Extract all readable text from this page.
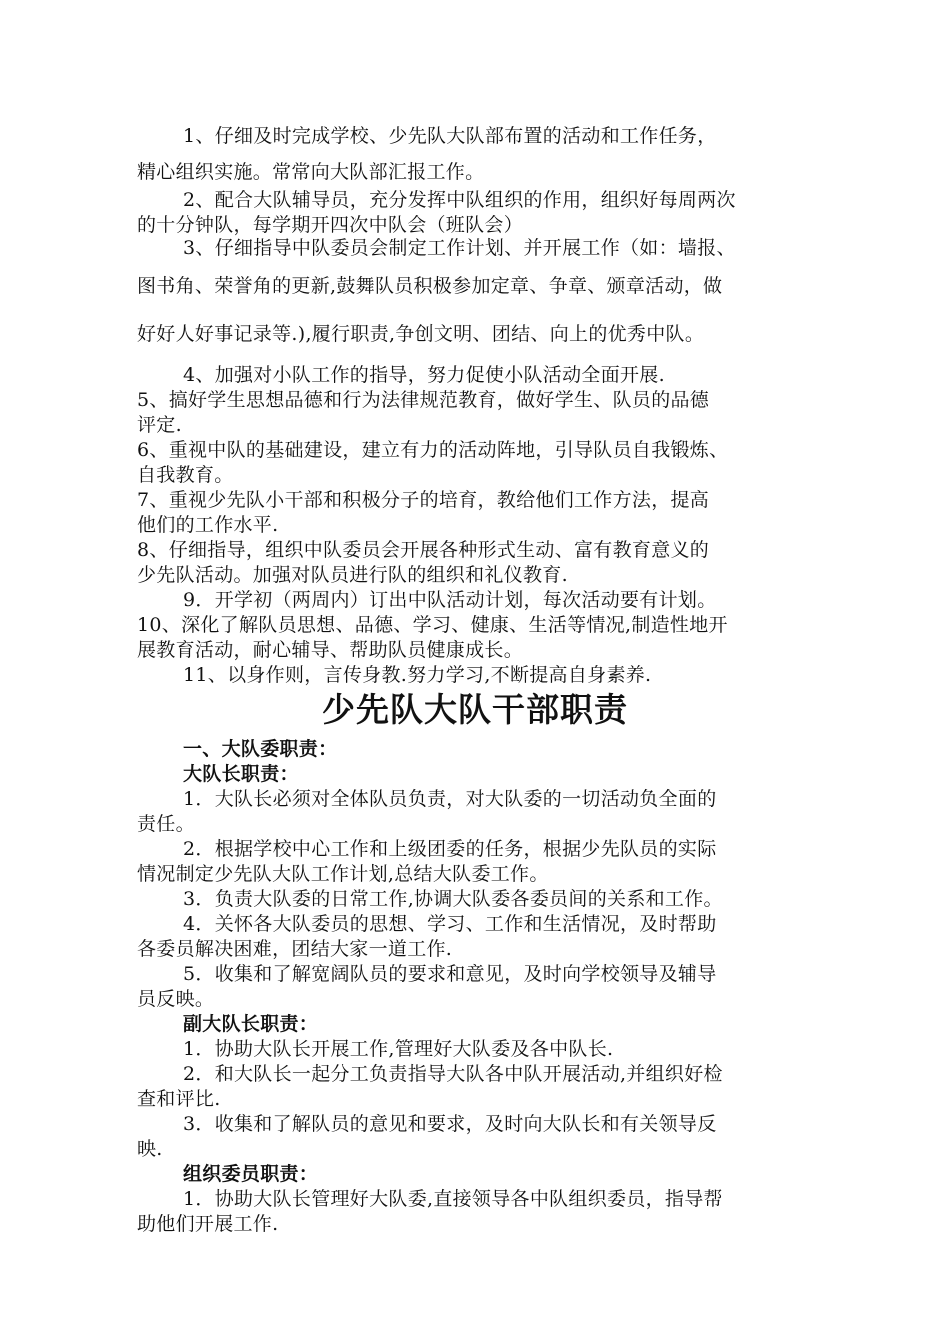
1、仔细及时完成学校、少先队大队部布置的活动和工作任务，
精心组织实施。常常向大队部汇报工作。
2、配合大队辅导员，充分发挥中队组织的作用，组织好每周两次
的十分钟队，每学期开四次中队会（班队会）
3、仔细指导中队委员会制定工作计划、并开展工作（如：墙报、
图书角、荣誉角的更新,鼓舞队员积极参加定章、争章、颁章活动，做
好好人好事记录等.),履行职责,争创文明、团结、向上的优秀中队。
4、加强对小队工作的指导，努力促使小队活动全面开展.
5、搞好学生思想品德和行为法律规范教育，做好学生、队员的品德
评定.
6、重视中队的基础建设，建立有力的活动阵地，引导队员自我锻炼、
自我教育。
7、重视少先队小干部和积极分子的培育，教给他们工作方法，提高
他们的工作水平.
8、仔细指导，组织中队委员会开展各种形式生动、富有教育意义的
少先队活动。加强对队员进行队的组织和礼仪教育.
9．开学初（两周内）订出中队活动计划，每次活动要有计划。
10、深化了解队员思想、品德、学习、健康、生活等情况,制造性地开
展教育活动，耐心辅导、帮助队员健康成长。
11、以身作则，言传身教.努力学习,不断提高自身素养.
少先队大队干部职责
一、大队委职责：
大队长职责：
1．大队长必须对全体队员负责，对大队委的一切活动负全面的
责任。
2．根据学校中心工作和上级团委的任务，根据少先队员的实际
情况制定少先队大队工作计划,总结大队委工作。
3．负责大队委的日常工作,协调大队委各委员间的关系和工作。
4．关怀各大队委员的思想、学习、工作和生活情况，及时帮助
各委员解决困难，团结大家一道工作.
5．收集和了解宽阔队员的要求和意见，及时向学校领导及辅导
员反映。
副大队长职责：
1．协助大队长开展工作,管理好大队委及各中队长.
2．和大队长一起分工负责指导大队各中队开展活动,并组织好检
查和评比.
3．收集和了解队员的意见和要求，及时向大队长和有关领导反
映.
组织委员职责：
1．协助大队长管理好大队委,直接领导各中队组织委员，指导帮
助他们开展工作.
